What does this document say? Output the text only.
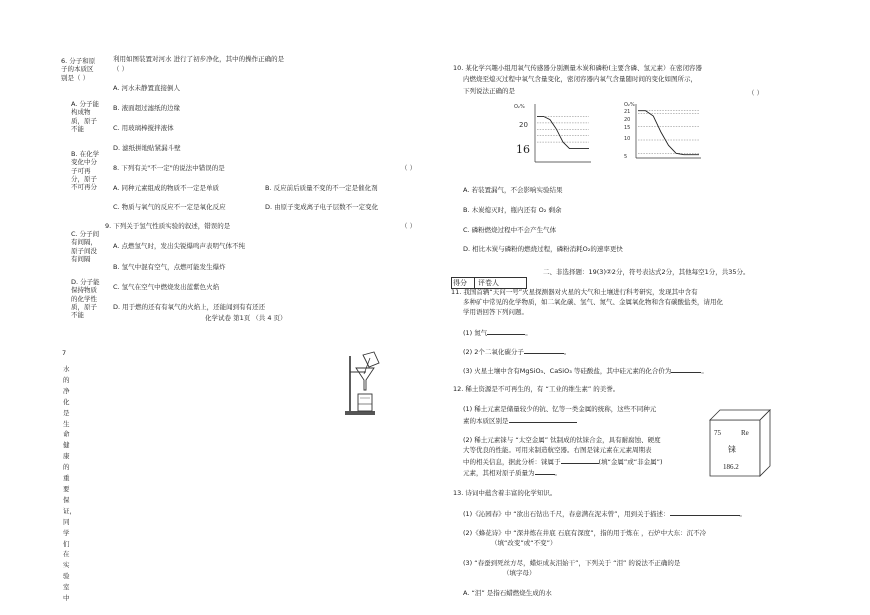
6. 分子和原子的本质区别是（ ）
A. 分子能构成物质，原子不能
B. 在化学变化中分子可再分，原子不可再分
C. 分子间有间隔，原子间没有间隔
D. 分子能保持物质的化学性质，原子不能
7
水的净化是生命健康的重要保证，同学们在实验室中
利用如图装置对河水 进行了初步净化，其中的操作正确的是
（ ）
A. 河水未静置直接倒人
B. 液面超过滤纸的边缘
C. 用玻璃棒搅拌液体
D. 滤纸拼地贴紧漏斗壁
8. 下列有关"不一定"的说法中错误的是	（ ）
A. 同种元素组成的物质不一定是单质	B. 反应前后质量不变的不一定是催化剂
C. 物质与氧气的反应不一定是氧化反应	D. 由原子变成离子电子层数不一定变化
9. 下列关于氢气性质实验的叙述，错误的是	（ ）
A. 点燃氢气时，发出尖锐爆鸣声表明气体不纯
B. 氢气中混有空气，点燃可能发生爆炸
C. 氢气在空气中燃烧发出蓝紫色火焰
D. 用于燃的还有有氧气的火焰上，还能闻到有有还还
化学试卷 第1页 （共 4 页）
10. 某化学兴趣小组用氧气传感器分别测量木炭和磷粉(主要含磷、氢元素）在密闭容器
内燃烧至熄灭过程中氧气含量变化，密闭容器内氧气含量随时间的变化如图所示，
下列说法正确的是	（ ）
O₂%
20
16
O₂%
21
20
15
10
5
A. 若装置漏气，不会影响实验结果
B. 木炭熄灭时，瓶内还有 O₂ 剩余
C. 磷粉燃烧过程中不会产生气体
D. 相比木炭与磷粉的燃烧过程，磷粉消耗O₂的速率更快
二、非选择题：19(3)②2分，符号表达式2分，其他每空1分，共35分。
得分 评卷人
11. 我国首辆“天问一号”火星探测器对火星的大气和土壤进行科考研究，发现其中含有
多种矿中常见的化学物质，如二氧化碳、氢气、氮气、金属氧化物和含有碳酸盐类，请用化
学用语回答下列问题。
(1) 氮气	。
(2) 2个二氧化碳分子	。
(3) 火星土壤中含有MgSiO₃、CaSiO₃ 等硅酸盐，其中硅元素的化合价为	。
12. 稀土资源是不可再生的，有 “工业的维生素” 的美誉。
(1) 稀土元素是储量较少的钪、钇等一类金属的统称，这些不同种元
素的本质区别是
(2) 稀土元素铼与 “太空金属” 钛制成的钛铼合金，具有耐腐蚀、硬度
大等优良的性能。可用来制造航空器。右图是铼元素在元素周期表
中的相关信息，据此分析：铼属于	(填“金属”或“非金属”)
元素，其相对原子质量为	。
75	Re
铼
186.2
13. 诗词中蕴含着丰富的化学知识。
(1)《沁园春》中 “欲出石钻出千尺，春意满在泥未曾”，用到关于描述：	。
(2)《蜂花诗》中 “深井炼在井底 石底有深度”，指的用于炼在 ，石炉中大东：沉不冷
（填“改变”或“不变”）
(3) “春蚕到死丝方尽，蜡炬成灰泪始干”，下列关于 “泪” 的说法不正确的是
（填字母）
A. “泪” 是指石蜡燃烧生成的水
